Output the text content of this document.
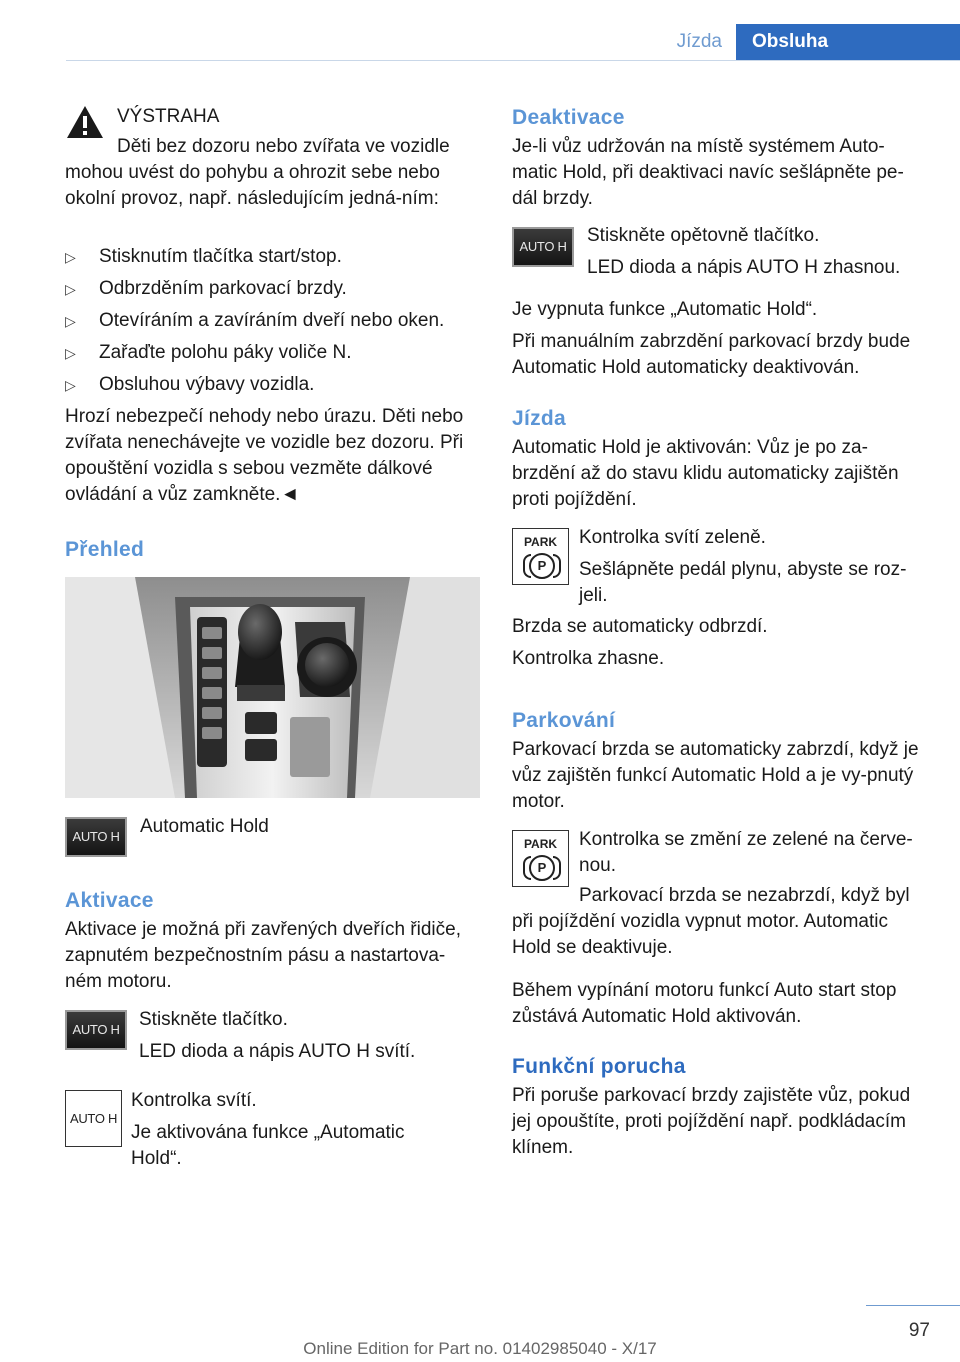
Jízda	Obsluha

VÝSTRAHA

Děti bez dozoru nebo zvířata ve vozidle

mohou uvést do pohybu a ohrozit sebe nebo okolní provoz, např. následujícím jedná-ním:

▷ Stisknutím tlačítka start/stop.
▷ Odbrzděním parkovací brzdy.
▷ Otevíráním a zavíráním dveří nebo oken.
▷ Zařaďte polohu páky voliče N.
▷ Obsluhou výbavy vozidla.

Hrozí nebezpečí nehody nebo úrazu. Děti nebo zvířata nenechávejte ve vozidle bez dozoru. Při opouštění vozidla s sebou vezměte dálkové ovládání a vůz zamkněte.◄

Přehled

AUTO H	Automatic Hold

Aktivace

Aktivace je možná při zavřených dveřích řidiče, zapnutém bezpečnostním pásu a nastartova-ném motoru.

Stiskněte tlačítko.

LED dioda a nápis AUTO H svítí.

Kontrolka svítí.

Je aktivována funkce „Automatic Hold“.

AUTO H
AUTO H

Deaktivace

Je-li vůz udržován na místě systémem Auto-matic Hold, při deaktivaci navíc sešlápněte pe-dál brzdy.

Stiskněte opětovně tlačítko.

LED dioda a nápis AUTO H zhasnou.

Je vypnuta funkce „Automatic Hold“.

Při manuálním zabrzdění parkovací brzdy bude Automatic Hold automaticky deaktivován.

Jízda

Automatic Hold je aktivován: Vůz je po za-brzdění až do stavu klidu automaticky zajištěn proti pojíždění.

Kontrolka svítí zeleně.

Sešlápněte pedál plynu, abyste se roz-jeli.

Brzda se automaticky odbrzdí.

Kontrolka zhasne.

Parkování

Parkovací brzda se automaticky zabrzdí, když je vůz zajištěn funkcí Automatic Hold a je vy-pnutý motor.

Kontrolka se změní ze zelené na červe-nou.

Parkovací brzda se nezabrzdí, když byl

při pojíždění vozidla vypnut motor. Automatic Hold se deaktivuje.

Během vypínání motoru funkcí Auto start stop zůstává Automatic Hold aktivován.

Funkční porucha

Při poruše parkovací brzdy zajistěte vůz, pokud jej opouštíte, proti pojíždění např. podkládacím klínem.

AUTO H
PARK
P
PARK
P
97
Online Edition for Part no. 01402985040 - X/17
